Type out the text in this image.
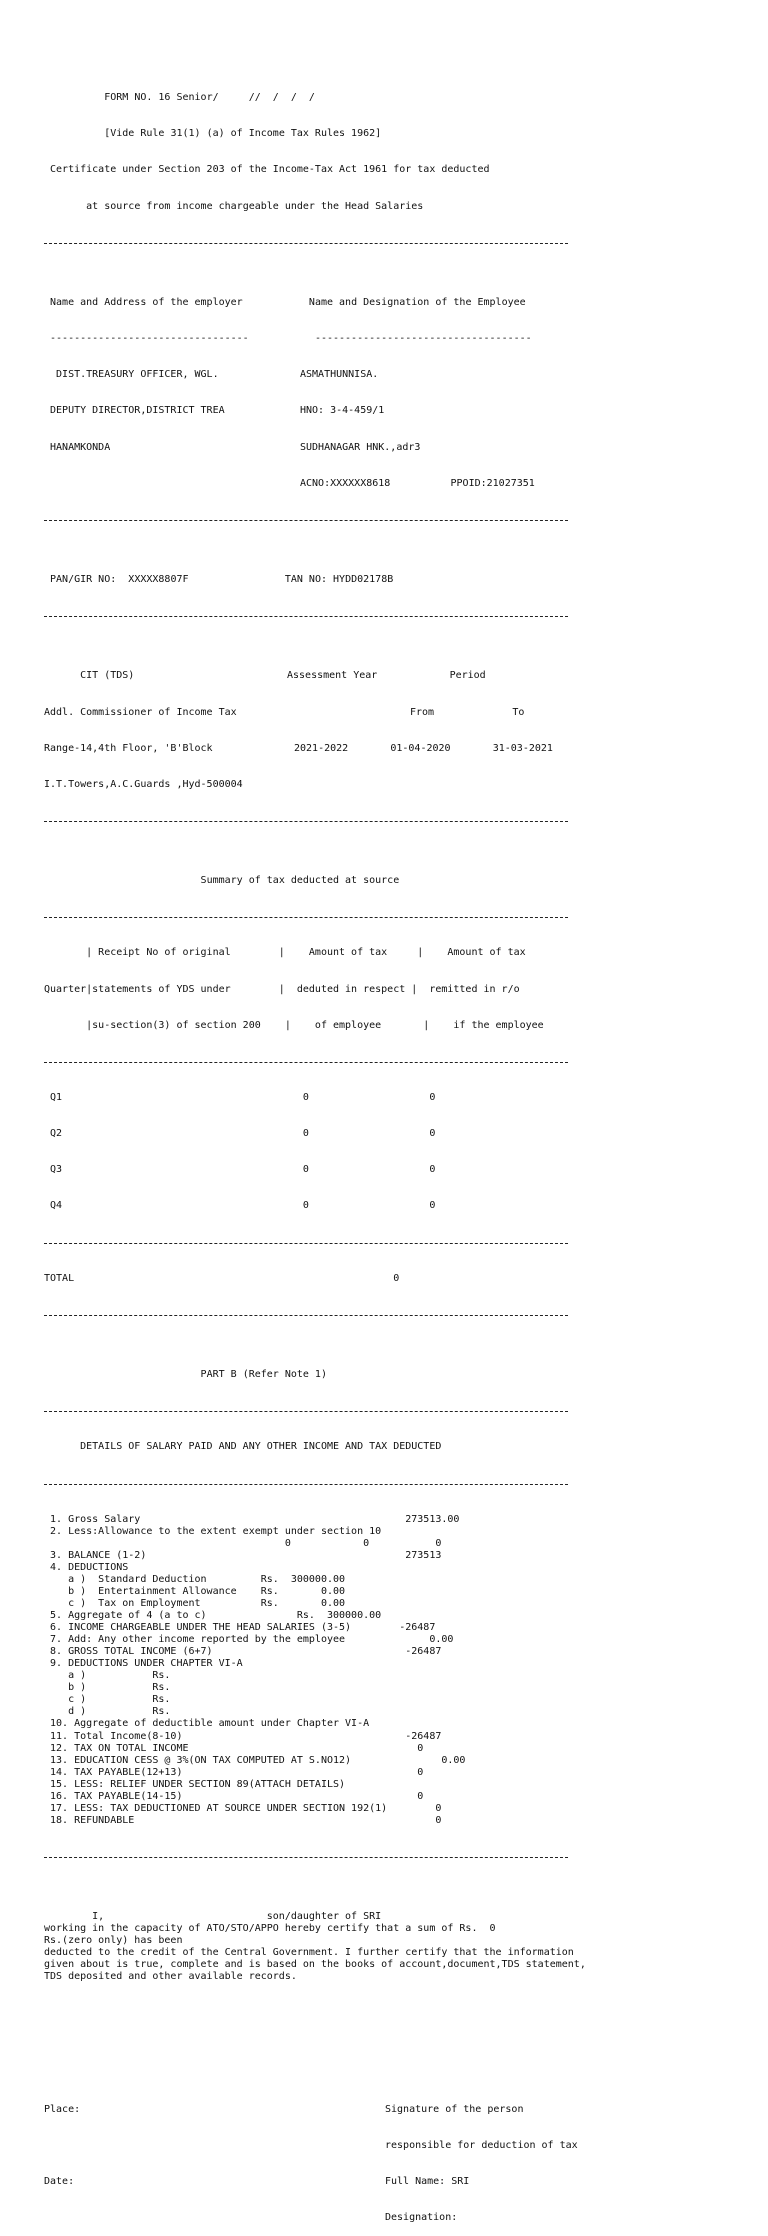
FORM NO. 16 Senior/     //  /  /  /

[Vide Rule 31(1) (a) of Income Tax Rules 1962]

Certificate under Section 203 of the Income-Tax Act 1961 for tax deducted

at source from income chargeable under the Head Salaries

Name and Address of the employer	Name and Designation of the Employee

---------------------------------	------------------------------------

DIST.TREASURY OFFICER, WGL.	ASMATHUNNISA.

DEPUTY DIRECTOR,DISTRICT TREA	HNO: 3-4-459/1

HANAMKONDA	SUDHANAGAR HNK.,adr3

ACNO:XXXXXX8618          PPOID:21027351

PAN/GIR NO: XXXXX8807F	TAN NO: HYDD02178B

CIT (TDS)	Assessment Year	Period

Addl. Commissioner of Income Tax	From	To

Range-14,4th Floor, 'B'Block	2021-2022	01-04-2020	31-03-2021

I.T.Towers,A.C.Guards ,Hyd-500004

Summary of tax deducted at source

| Receipt No of original        |    Amount of tax     |    Amount of tax

Quarter|statements of YDS under        |  deduted in respect |  remitted in r/o

|su-section(3) of section 200    |    of employee       |    if the employee

Q1	0	0

Q2	0	0

Q3	0	0

Q4	0	0

TOTAL	0

PART B (Refer Note 1)

DETAILS OF SALARY PAID AND ANY OTHER INCOME AND TAX DEDUCTED

1. Gross Salary                                            273513.00
2. Less:Allowance to the extent exempt under section 10
0            0           0
3. BALANCE (1-2)                                           273513
4. DEDUCTIONS
a )  Standard Deduction         Rs.  300000.00
b )  Entertainment Allowance    Rs.       0.00
c )  Tax on Employment          Rs.       0.00
5. Aggregate of 4 (a to c)               Rs.  300000.00
6. INCOME CHARGEABLE UNDER THE HEAD SALARIES (3-5)        -26487
7. Add: Any other income reported by the employee              0.00
8. GROSS TOTAL INCOME (6+7)                                -26487
9. DEDUCTIONS UNDER CHAPTER VI-A
a )           Rs.
b )           Rs.
c )           Rs.
d )           Rs.
10. Aggregate of deductible amount under Chapter VI-A
11. Total Income(8-10)                                     -26487
12. TAX ON TOTAL INCOME                                      0
13. EDUCATION CESS @ 3%(ON TAX COMPUTED AT S.NO12)               0.00
14. TAX PAYABLE(12+13)                                       0
15. LESS: RELIEF UNDER SECTION 89(ATTACH DETAILS)
16. TAX PAYABLE(14-15)                                       0
17. LESS: TAX DEDUCTIONED AT SOURCE UNDER SECTION 192(1)        0
18. REFUNDABLE                                                  0

I,                           son/daughter of SRI
working in the capacity of ATO/STO/APPO hereby certify that a sum of Rs.  0
Rs.(zero only) has been
deducted to the credit of the Central Government. I further certify that the information
given about is true, complete and is based on the books of account,document,TDS statement,
TDS deposited and other available records.

Place:	Signature of the person

responsible for deduction of tax

Date:	Full Name: SRI

Designation:
